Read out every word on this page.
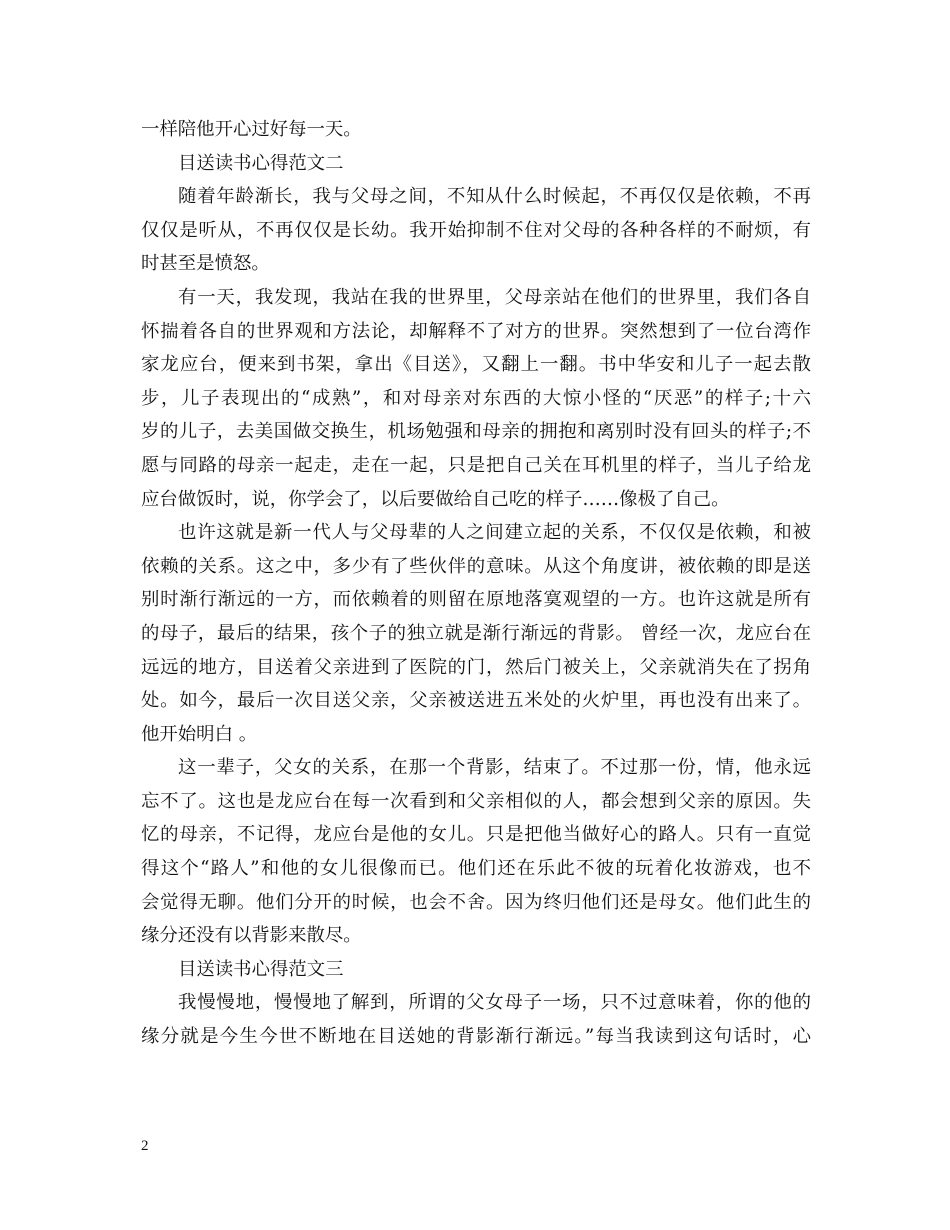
一样陪他开心过好每一天。
目送读书心得范文二
随着年龄渐长，我与父母之间，不知从什么时候起，不再仅仅是依赖，不再
仅仅是听从，不再仅仅是长幼。我开始抑制不住对父母的各种各样的不耐烦，有
时甚至是愤怒。
有一天，我发现，我站在我的世界里，父母亲站在他们的世界里，我们各自
怀揣着各自的世界观和方法论，却解释不了对方的世界。突然想到了一位台湾作
家龙应台，便来到书架，拿出《目送》，又翻上一翻。书中华安和儿子一起去散
步，儿子表现出的“成熟”，和对母亲对东西的大惊小怪的“厌恶”的样子;十六
岁的儿子，去美国做交换生，机场勉强和母亲的拥抱和离别时没有回头的样子;不
愿与同路的母亲一起走，走在一起，只是把自己关在耳机里的样子，当儿子给龙
应台做饭时，说，你学会了，以后要做给自己吃的样子……像极了自己。
也许这就是新一代人与父母辈的人之间建立起的关系，不仅仅是依赖，和被
依赖的关系。这之中，多少有了些伙伴的意味。从这个角度讲，被依赖的即是送
别时渐行渐远的一方，而依赖着的则留在原地落寞观望的一方。也许这就是所有
的母子，最后的结果，孩个子的独立就是渐行渐远的背影。 曾经一次，龙应台在
远远的地方，目送着父亲进到了医院的门，然后门被关上，父亲就消失在了拐角
处。如今，最后一次目送父亲，父亲被送进五米处的火炉里，再也没有出来了。
他开始明白 。
这一辈子，父女的关系，在那一个背影，结束了。不过那一份，情，他永远
忘不了。这也是龙应台在每一次看到和父亲相似的人，都会想到父亲的原因。失
忆的母亲，不记得，龙应台是他的女儿。只是把他当做好心的路人。只有一直觉
得这个“路人”和他的女儿很像而已。他们还在乐此不彼的玩着化妆游戏，也不
会觉得无聊。他们分开的时候，也会不舍。因为终归他们还是母女。他们此生的
缘分还没有以背影来散尽。
目送读书心得范文三
我慢慢地，慢慢地了解到，所谓的父女母子一场，只不过意味着，你的他的
缘分就是今生今世不断地在目送她的背影渐行渐远。”每当我读到这句话时，心
2
